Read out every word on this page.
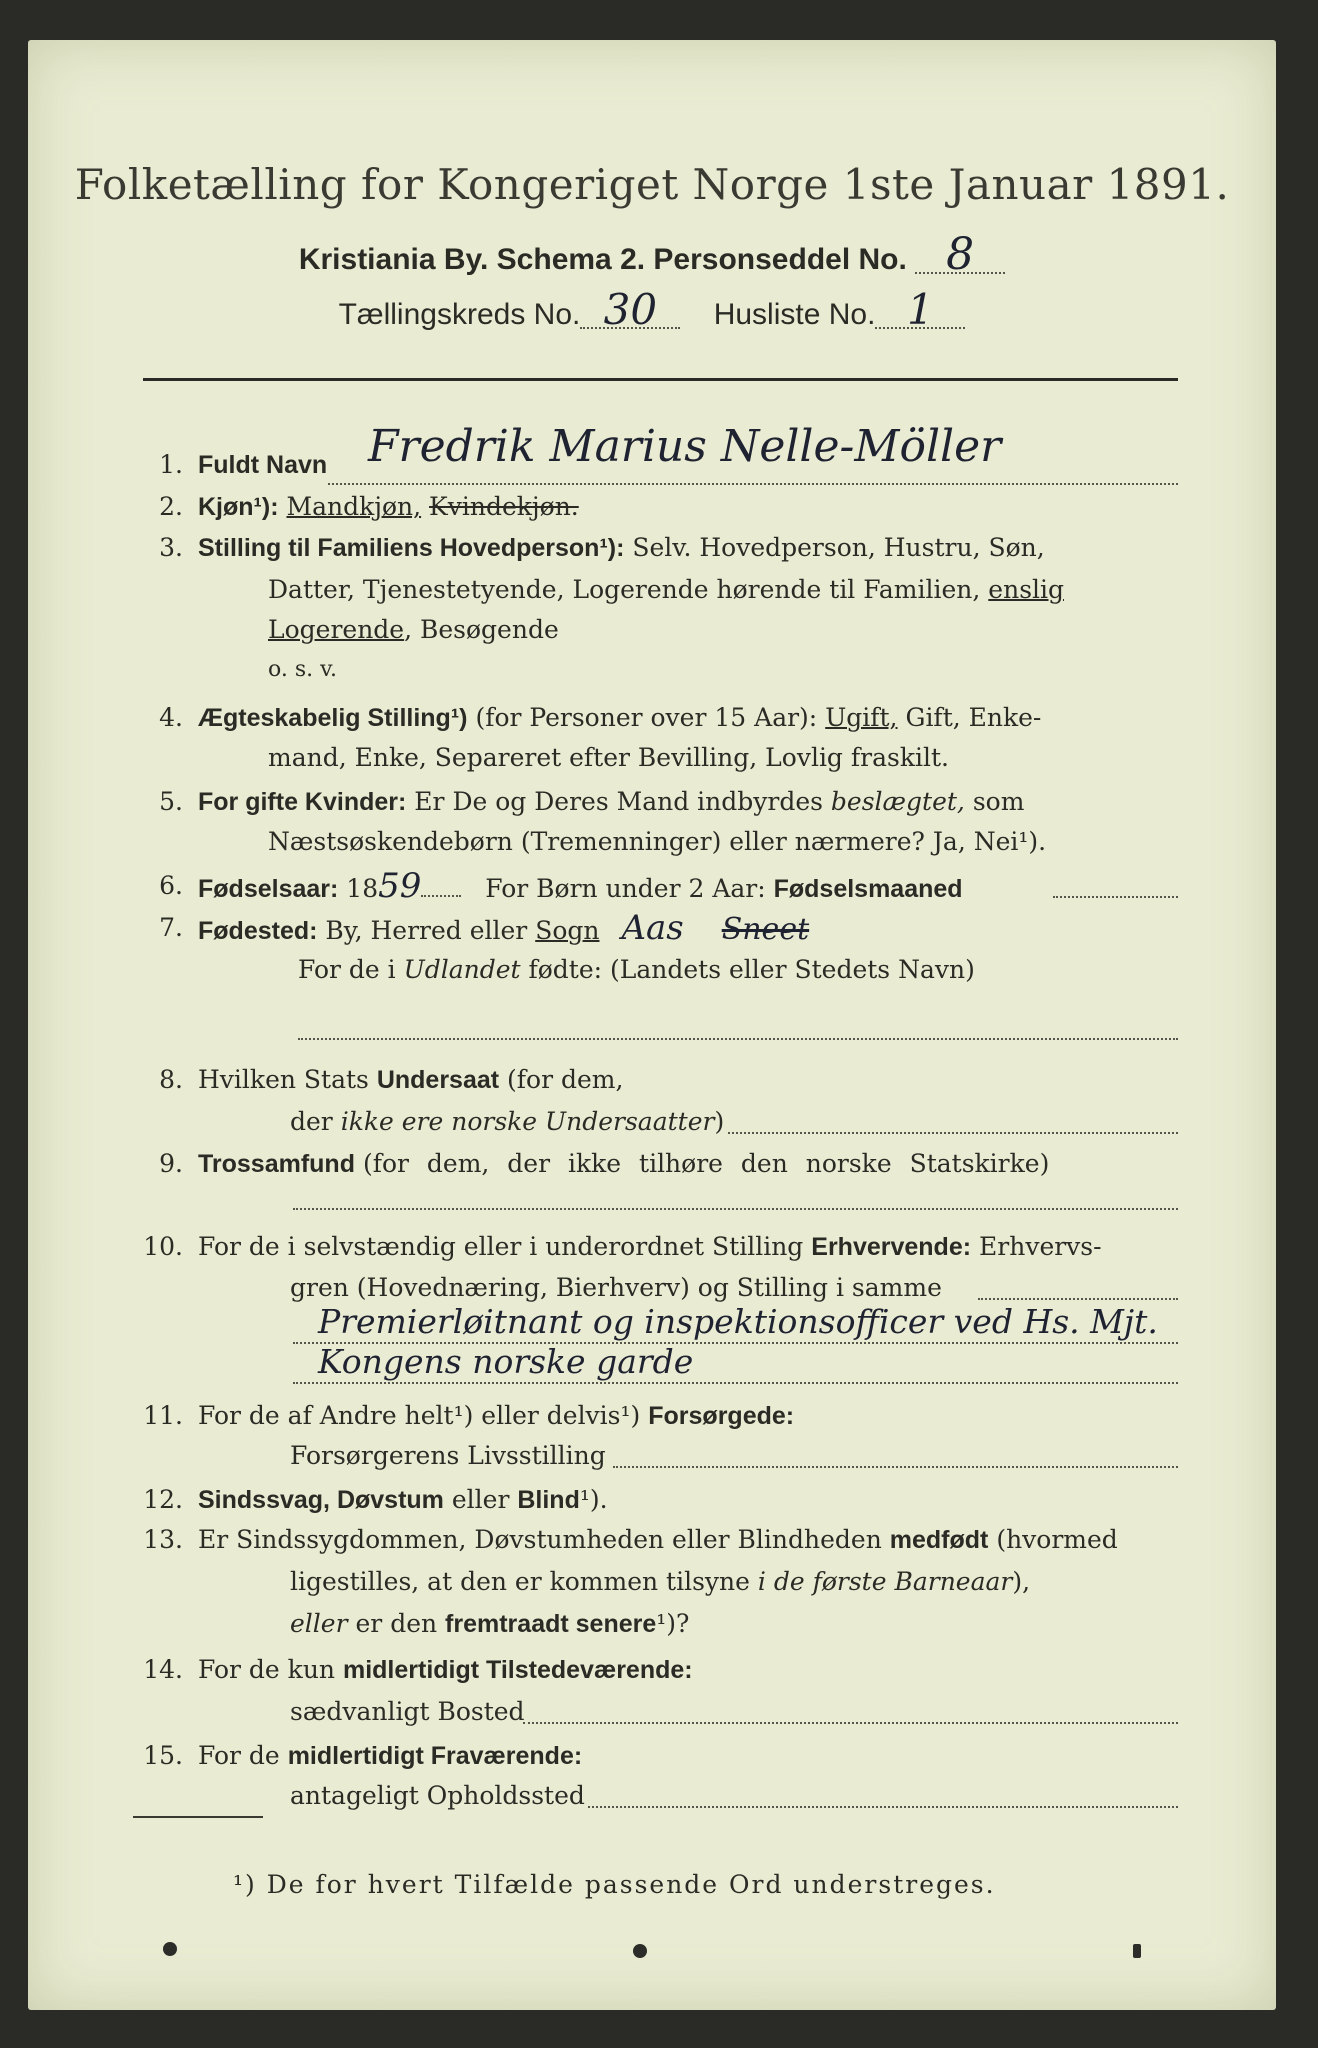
Folketælling for Kongeriget Norge 1ste Januar 1891.
Kristiania By. Schema 2. Personseddel No. 8
Tællingskreds No. 30 Husliste No. 1
1. Fuldt Navn Fredrik Marius Nelle-Möller
2. Kjøn¹): Mandkjøn, Kvindekjøn.
3. Stilling til Familiens Hovedperson¹): Selv. Hovedperson, Hustru, Søn,
Datter, Tjenestetyende, Logerende hørende til Familien, enslig
Logerende, Besøgende
o. s. v.
4. Ægteskabelig Stilling¹) (for Personer over 15 Aar): Ugift, Gift, Enke-
mand, Enke, Separeret efter Bevilling, Lovlig fraskilt.
5. For gifte Kvinder: Er De og Deres Mand indbyrdes beslægtet, som
Næstsøskendebørn (Tremenninger) eller nærmere? Ja, Nei¹).
6. Fødselsaar: 1859	For Børn under 2 Aar: Fødselsmaaned
7. Fødested: By, Herred eller Sogn Aas Sneet
For de i Udlandet fødte: (Landets eller Stedets Navn)
8. Hvilken Stats Undersaat (for dem,
der ikke ere norske Undersaatter)
9. Trossamfund (for dem, der ikke tilhøre den norske Statskirke)
10. For de i selvstændig eller i underordnet Stilling Erhvervende: Erhvervs-
gren (Hovednæring, Bierhverv) og Stilling i samme
Premierløitnant og inspektionsofficer ved Hs. Mjt.
Kongens norske garde
11. For de af Andre helt¹) eller delvis¹) Forsørgede:
Forsørgerens Livsstilling
12. Sindssvag, Døvstum eller Blind¹).
13. Er Sindssygdommen, Døvstumheden eller Blindheden medfødt (hvormed
ligestilles, at den er kommen tilsyne i de første Barneaar),
eller er den fremtraadt senere¹)?
14. For de kun midlertidigt Tilstedeværende:
sædvanligt Bosted
15. For de midlertidigt Fraværende:
antageligt Opholdssted
¹) De for hvert Tilfælde passende Ord understreges.
